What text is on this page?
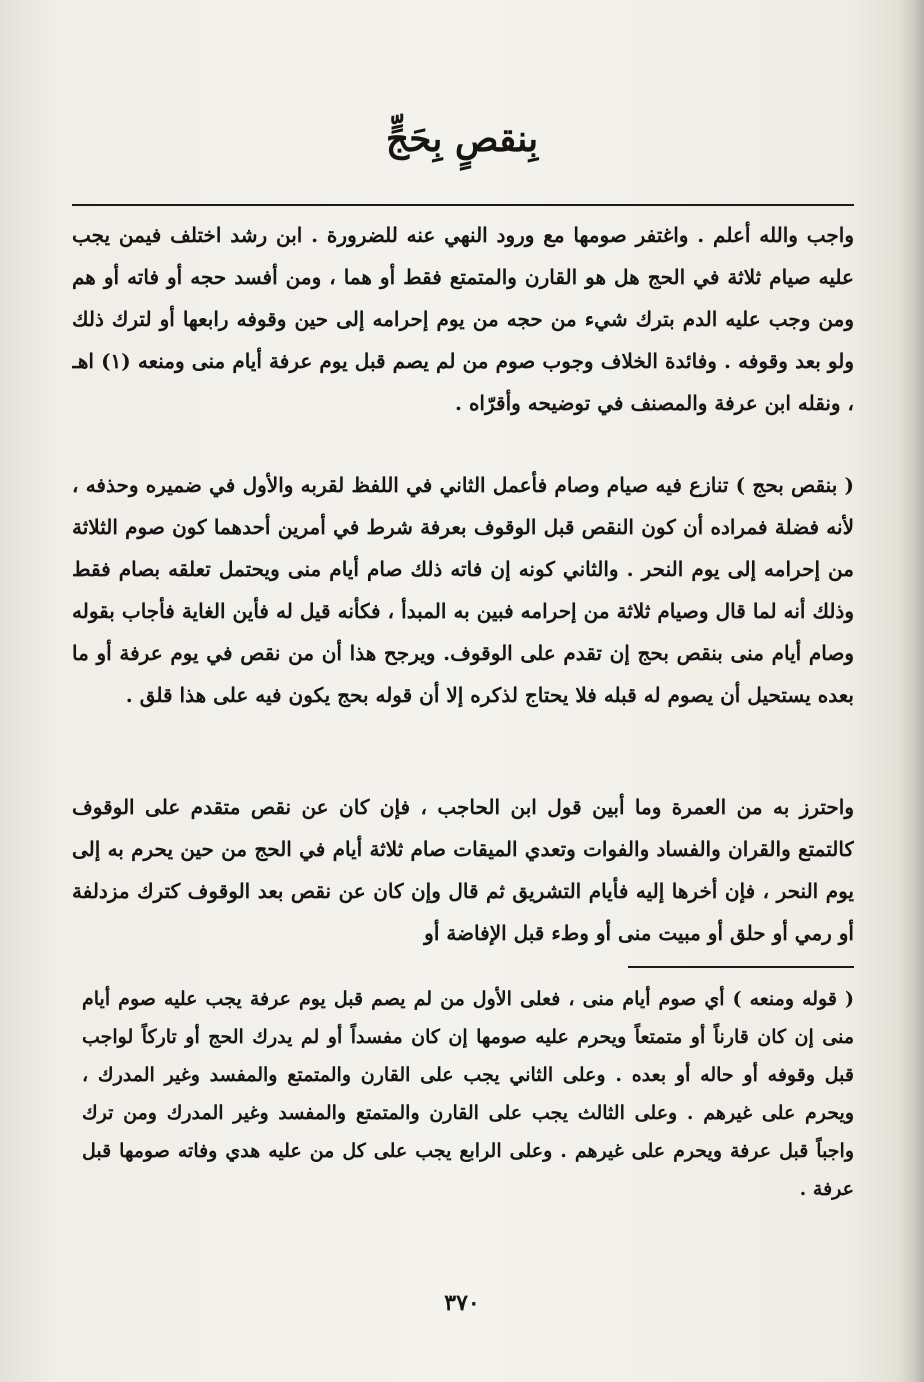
بِنقصٍ بِحَجٍّ

واجب والله أعلم . واغتفر صومها مع ورود النهي عنه للضرورة . ابن رشد اختلف فيمن يجب عليه صيام ثلاثة في الحج هل هو القارن والمتمتع فقط أو هما ، ومن أفسد حجه أو فاته أو هم ومن وجب عليه الدم بترك شيء من حجه من يوم إحرامه إلى حين وقوفه رابعها أو لترك ذلك ولو بعد وقوفه . وفائدة الخلاف وجوب صوم من لم يصم قبل يوم عرفة أيام منى ومنعه (١) اهـ ، ونقله ابن عرفة والمصنف في توضيحه وأقرّاه .

( بنقص بحج ) تنازع فيه صيام وصام فأعمل الثاني في اللفظ لقربه والأول في ضميره وحذفه ، لأنه فضلة فمراده أن كون النقص قبل الوقوف بعرفة شرط في أمرين أحدهما كون صوم الثلاثة من إحرامه إلى يوم النحر . والثاني كونه إن فاته ذلك صام أيام منى ويحتمل تعلقه بصام فقط وذلك أنه لما قال وصيام ثلاثة من إحرامه فبين به المبدأ ، فكأنه قيل له فأين الغاية فأجاب بقوله وصام أيام منى بنقص بحج إن تقدم على الوقوف. ويرجح هذا أن من نقص في يوم عرفة أو ما بعده يستحيل أن يصوم له قبله فلا يحتاج لذكره إلا أن قوله بحج يكون فيه على هذا قلق .

واحترز به من العمرة وما أبين قول ابن الحاجب ، فإن كان عن نقص متقدم على الوقوف كالتمتع والقران والفساد والفوات وتعدي الميقات صام ثلاثة أيام في الحج من حين يحرم به إلى يوم النحر ، فإن أخرها إليه فأيام التشريق ثم قال وإن كان عن نقص بعد الوقوف كترك مزدلفة أو رمي أو حلق أو مبيت منى أو وطء قبل الإفاضة أو

( قوله ومنعه ) أي صوم أيام منى ، فعلى الأول من لم يصم قبل يوم عرفة يجب عليه صوم أيام منى إن كان قارناً أو متمتعاً ويحرم عليه صومها إن كان مفسداً أو لم يدرك الحج أو تاركاً لواجب قبل وقوفه أو حاله أو بعده . وعلى الثاني يجب على القارن والمتمتع والمفسد وغير المدرك ، ويحرم على غيرهم . وعلى الثالث يجب على القارن والمتمتع والمفسد وغير المدرك ومن ترك واجباً قبل عرفة ويحرم على غيرهم . وعلى الرابع يجب على كل من عليه هدي وفاته صومها قبل عرفة .
٣٧٠
